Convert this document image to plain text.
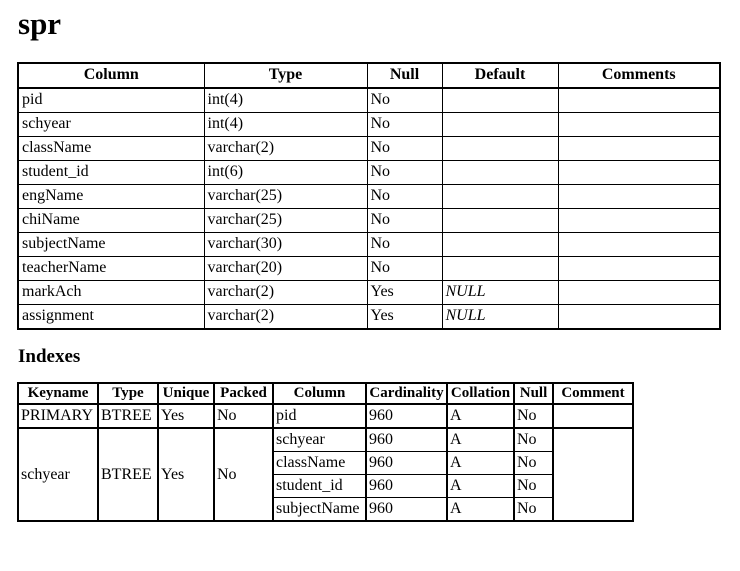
spr
Column	Type	Null	Default	Comments
pid	int(4)	No		
schyear	int(4)	No		
className	varchar(2)	No		
student_id	int(6)	No		
engName	varchar(25)	No		
chiName	varchar(25)	No		
subjectName	varchar(30)	No		
teacherName	varchar(20)	No		
markAch	varchar(2)	Yes	NULL	
assignment	varchar(2)	Yes	NULL	
Indexes
Keyname	Type	Unique	Packed	Column	Cardinality	Collation	Null	Comment
PRIMARY	BTREE	Yes	No	pid	960	A	No	
schyear	BTREE	Yes	No	schyear	960	A	No	
				className	960	A	No	
				student_id	960	A	No	
				subjectName	960	A	No	
